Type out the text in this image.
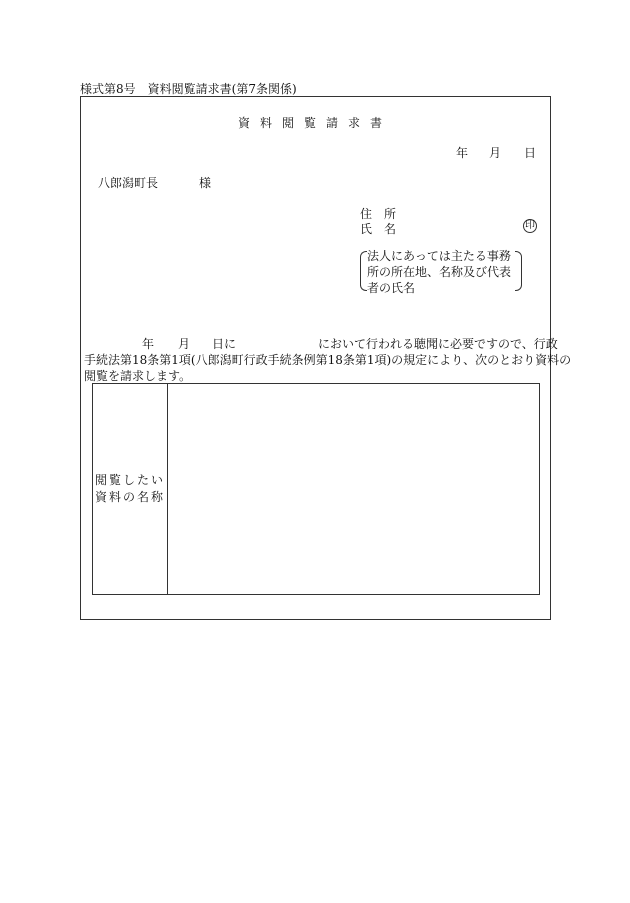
様式第8号　資料閲覧請求書(第7条関係)
資料閲覧請求書
年 月 日
八郎潟町長	様
住　所
氏　名	印
法人にあっては主たる事務
所の所在地、名称及び代表
者の氏名
年 月 日に	において行われる聴聞に必要ですので、行政
手続法第18条第1項(八郎潟町行政手続条例第18条第1項)の規定により、次のとおり資料の
閲覧を請求します。
閲覧したい
資料の名称
